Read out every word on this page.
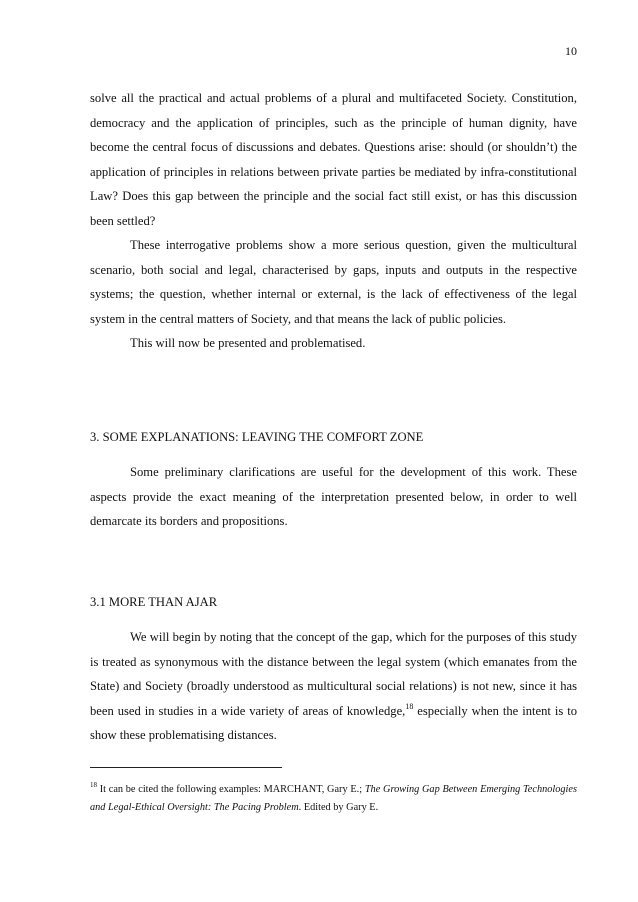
10

solve all the practical and actual problems of a plural and multifaceted Society. Constitution, democracy and the application of principles, such as the principle of human dignity, have become the central focus of discussions and debates. Questions arise: should (or shouldn’t) the application of principles in relations between private parties be mediated by infra-constitutional Law? Does this gap between the principle and the social fact still exist, or has this discussion been settled?

These interrogative problems show a more serious question, given the multicultural scenario, both social and legal, characterised by gaps, inputs and outputs in the respective systems; the question, whether internal or external, is the lack of effectiveness of the legal system in the central matters of Society, and that means the lack of public policies.

This will now be presented and problematised.

3. SOME EXPLANATIONS: LEAVING THE COMFORT ZONE

Some preliminary clarifications are useful for the development of this work. These aspects provide the exact meaning of the interpretation presented below, in order to well demarcate its borders and propositions.

3.1 MORE THAN AJAR

We will begin by noting that the concept of the gap, which for the purposes of this study is treated as synonymous with the distance between the legal system (which emanates from the State) and Society (broadly understood as multicultural social relations) is not new, since it has been used in studies in a wide variety of areas of knowledge,$^{18}$ especially when the intent is to show these problematising distances.

$^{18}$ It can be cited the following examples: MARCHANT, Gary E.; The Growing Gap Between Emerging Technologies and Legal-Ethical Oversight: The Pacing Problem. Edited by Gary E.
